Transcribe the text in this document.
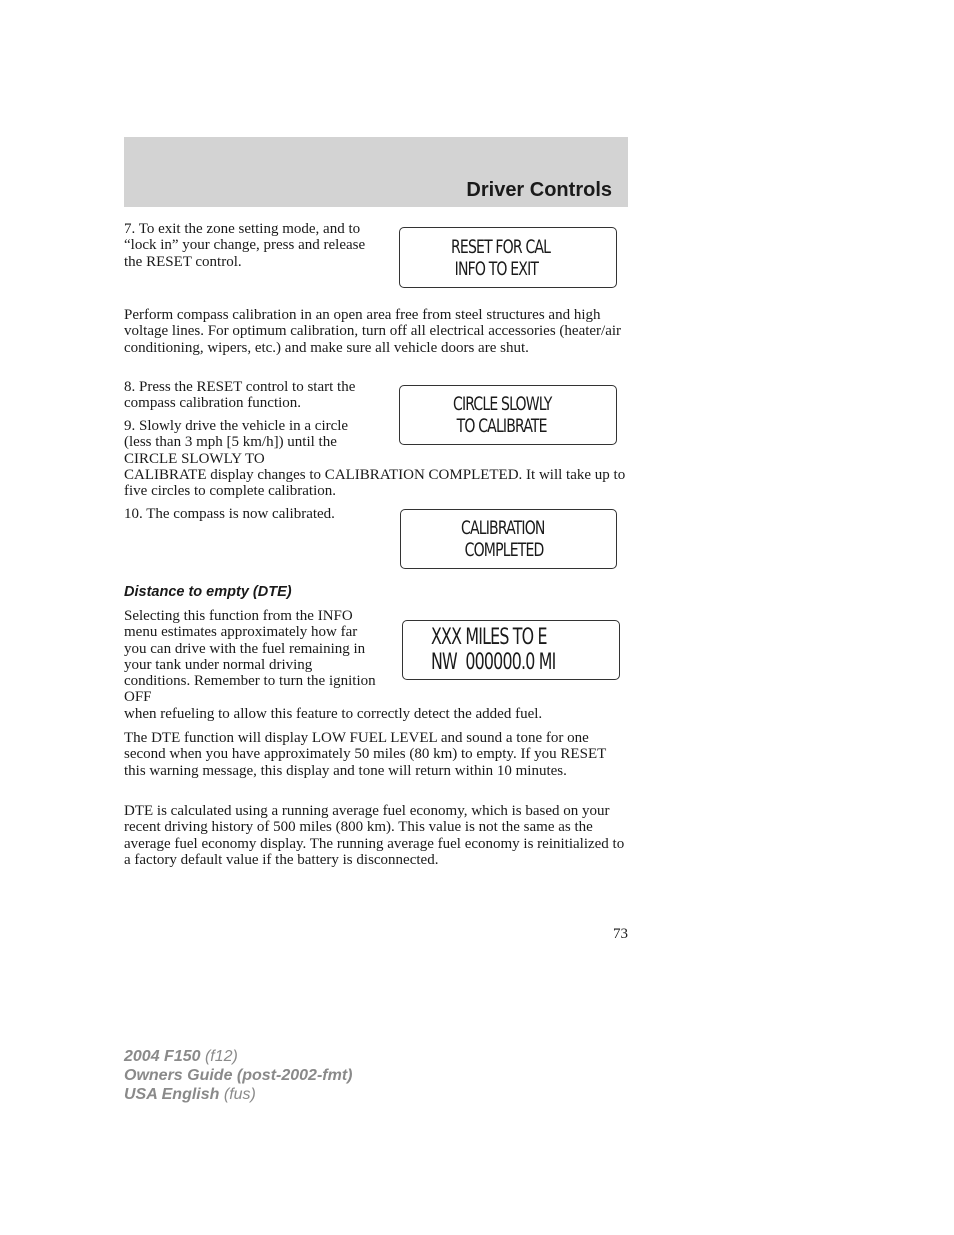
Driver Controls

7. To exit the zone setting mode, and to “lock in” your change, press and release the RESET control.

RESET FOR CAL
INFO TO EXIT

Perform compass calibration in an open area free from steel structures and high voltage lines. For optimum calibration, turn off all electrical accessories (heater/air conditioning, wipers, etc.) and make sure all vehicle doors are shut.

8. Press the RESET control to start the compass calibration function.	CIRCLE SLOWLY
TO CALIBRATE

9. Slowly drive the vehicle in a circle (less than 3 mph [5 km/h]) until the CIRCLE SLOWLY TO

CALIBRATE display changes to CALIBRATION COMPLETED. It will take up to five circles to complete calibration.

10. The compass is now calibrated.

CALIBRATION
COMPLETED

Distance to empty (DTE)

Selecting this function from the INFO menu estimates approximately how far you can drive with the fuel remaining in your tank under normal driving conditions. Remember to turn the ignition OFF

XXX MILES TO E
NW  000000.0 MI

when refueling to allow this feature to correctly detect the added fuel.

The DTE function will display LOW FUEL LEVEL and sound a tone for one second when you have approximately 50 miles (80 km) to empty. If you RESET this warning message, this display and tone will return within 10 minutes.

DTE is calculated using a running average fuel economy, which is based on your recent driving history of 500 miles (800 km). This value is not the same as the average fuel economy display. The running average fuel economy is reinitialized to a factory default value if the battery is disconnected.

73
2004 F150 (f12)
Owners Guide (post-2002-fmt)
USA English (fus)
